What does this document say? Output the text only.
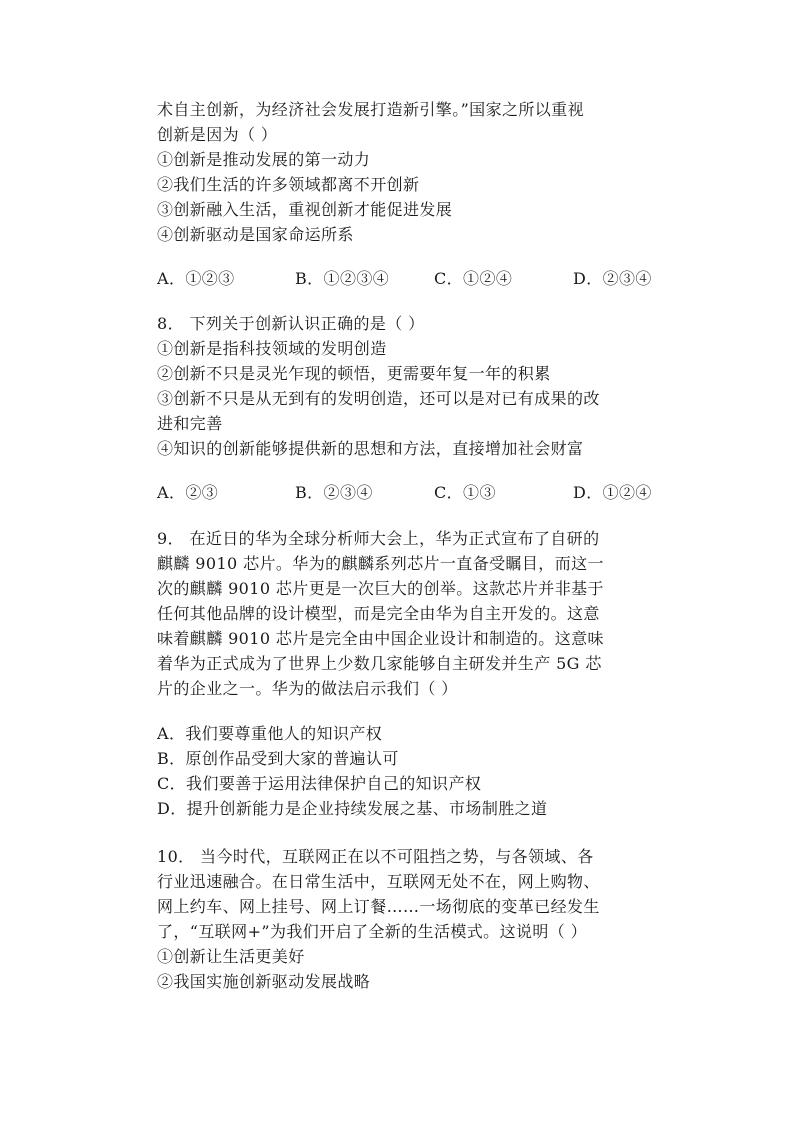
术自主创新，为经济社会发展打造新引擎。”国家之所以重视
创新是因为（ ）
①创新是推动发展的第一动力
②我们生活的许多领域都离不开创新
③创新融入生活，重视创新才能促进发展
④创新驱动是国家命运所系
A．①②③	B．①②③④	C．①②④	D．②③④
8． 下列关于创新认识正确的是（ ）
①创新是指科技领域的发明创造
②创新不只是灵光乍现的顿悟，更需要年复一年的积累
③创新不只是从无到有的发明创造，还可以是对已有成果的改
进和完善
④知识的创新能够提供新的思想和方法，直接增加社会财富
A．②③	B．②③④	C．①③	D．①②④
9． 在近日的华为全球分析师大会上，华为正式宣布了自研的
麒麟 9010 芯片。华为的麒麟系列芯片一直备受瞩目，而这一
次的麒麟 9010 芯片更是一次巨大的创举。这款芯片并非基于
任何其他品牌的设计模型，而是完全由华为自主开发的。这意
味着麒麟 9010 芯片是完全由中国企业设计和制造的。这意味
着华为正式成为了世界上少数几家能够自主研发并生产 5G 芯
片的企业之一。华为的做法启示我们（ ）
A．我们要尊重他人的知识产权
B．原创作品受到大家的普遍认可
C．我们要善于运用法律保护自己的知识产权
D．提升创新能力是企业持续发展之基、市场制胜之道
10． 当今时代，互联网正在以不可阻挡之势，与各领域、各
行业迅速融合。在日常生活中，互联网无处不在，网上购物、
网上约车、网上挂号、网上订餐……一场彻底的变革已经发生
了，“互联网+”为我们开启了全新的生活模式。这说明（ ）
①创新让生活更美好
②我国实施创新驱动发展战略
